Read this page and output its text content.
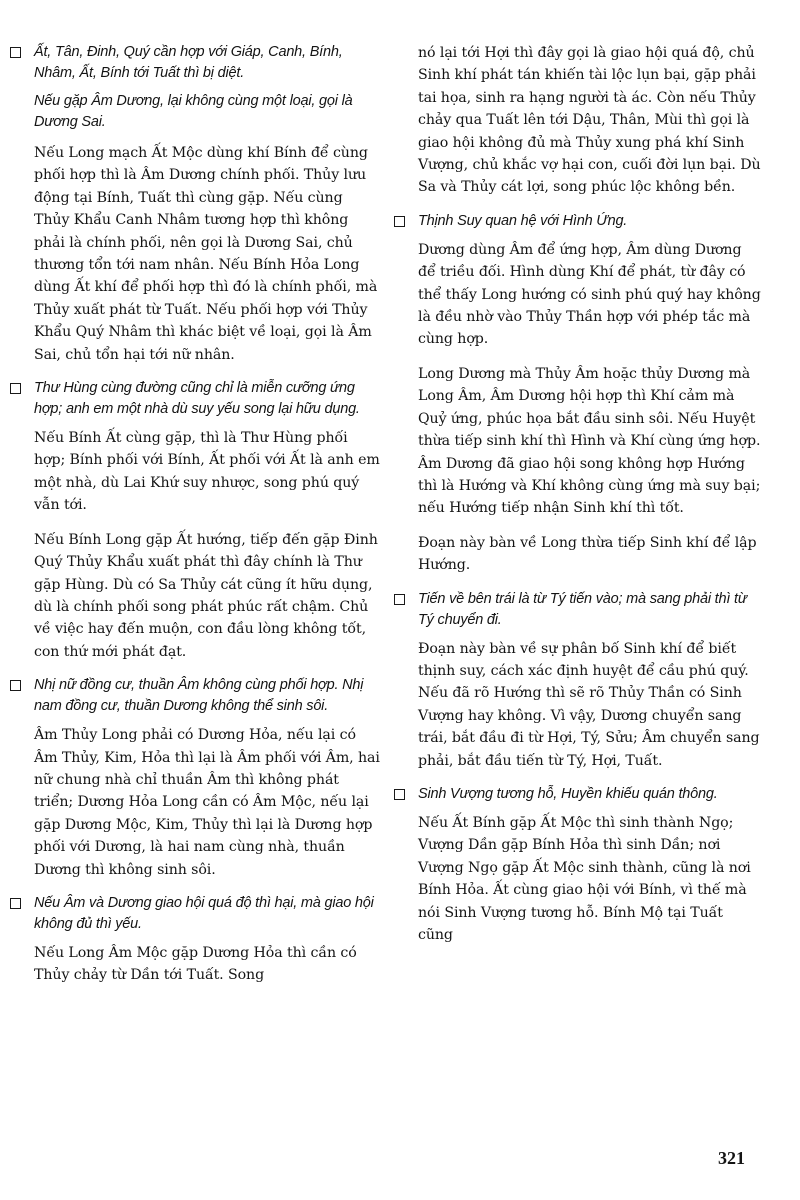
Ất, Tân, Đinh, Quý cần hợp với Giáp, Canh, Bính, Nhâm, Ất, Bính tới Tuất thì bị diệt.

Nếu gặp Âm Dương, lại không cùng một loại, gọi là Dương Sai.

Nếu Long mạch Ất Mộc dùng khí Bính để cùng phối hợp thì là Âm Dương chính phối. Thủy lưu động tại Bính, Tuất thì cùng gặp. Nếu cùng Thủy Khẩu Canh Nhâm tương hợp thì không phải là chính phối, nên gọi là Dương Sai, chủ thương tổn tới nam nhân. Nếu Bính Hỏa Long dùng Ất khí để phối hợp thì đó là chính phối, mà Thủy xuất phát từ Tuất. Nếu phối hợp với Thủy Khẩu Quý Nhâm thì khác biệt về loại, gọi là Âm Sai, chủ tổn hại tới nữ nhân.

Thư Hùng cùng đường cũng chỉ là miễn cưỡng ứng hợp; anh em một nhà dù suy yếu song lại hữu dụng.

Nếu Bính Ất cùng gặp, thì là Thư Hùng phối hợp; Bính phối với Bính, Ất phối với Ất là anh em một nhà, dù Lai Khứ suy nhược, song phú quý vẫn tới.

Nếu Bính Long gặp Ất hướng, tiếp đến gặp Đinh Quý Thủy Khẩu xuất phát thì đây chính là Thư gặp Hùng. Dù có Sa Thủy cát cũng ít hữu dụng, dù là chính phối song phát phúc rất chậm. Chủ về việc hay đến muộn, con đầu lòng không tốt, con thứ mới phát đạt.

Nhị nữ đồng cư, thuần Âm không cùng phối hợp. Nhị nam đồng cư, thuần Dương không thể sinh sôi.

Âm Thủy Long phải có Dương Hỏa, nếu lại có Âm Thủy, Kim, Hỏa thì lại là Âm phối với Âm, hai nữ chung nhà chỉ thuần Âm thì không phát triển; Dương Hỏa Long cần có Âm Mộc, nếu lại gặp Dương Mộc, Kim, Thủy thì lại là Dương hợp phối với Dương, là hai nam cùng nhà, thuần Dương thì không sinh sôi.

Nếu Âm và Dương giao hội quá độ thì hại, mà giao hội không đủ thì yếu.

Nếu Long Âm Mộc gặp Dương Hỏa thì cần có Thủy chảy từ Dần tới Tuất. Song

nó lại tới Hợi thì đây gọi là giao hội quá độ, chủ Sinh khí phát tán khiến tài lộc lụn bại, gặp phải tai họa, sinh ra hạng người tà ác. Còn nếu Thủy chảy qua Tuất lên tới Dậu, Thân, Mùi thì gọi là giao hội không đủ mà Thủy xung phá khí Sinh Vượng, chủ khắc vợ hại con, cuối đời lụn bại. Dù Sa và Thủy cát lợi, song phúc lộc không bền.

Thịnh Suy quan hệ với Hình Ứng.

Dương dùng Âm để ứng hợp, Âm dùng Dương để triều đối. Hình dùng Khí để phát, từ đây có thể thấy Long hướng có sinh phú quý hay không là đều nhờ vào Thủy Thần hợp với phép tắc mà cùng hợp.

Long Dương mà Thủy Âm hoặc thủy Dương mà Long Âm, Âm Dương hội hợp thì Khí cảm mà Quỷ ứng, phúc họa bắt đầu sinh sôi. Nếu Huyệt thừa tiếp sinh khí thì Hình và Khí cùng ứng hợp. Âm Dương đã giao hội song không hợp Hướng thì là Hướng và Khí không cùng ứng mà suy bại; nếu Hướng tiếp nhận Sinh khí thì tốt.

Đoạn này bàn về Long thừa tiếp Sinh khí để lập Hướng.

Tiến về bên trái là từ Tý tiến vào; mà sang phải thì từ Tý chuyển đi.

Đoạn này bàn về sự phân bố Sinh khí để biết thịnh suy, cách xác định huyệt để cầu phú quý. Nếu đã rõ Hướng thì sẽ rõ Thủy Thần có Sinh Vượng hay không. Vì vậy, Dương chuyển sang trái, bắt đầu đi từ Hợi, Tý, Sửu; Âm chuyển sang phải, bắt đầu tiến từ Tý, Hợi, Tuất.

Sinh Vượng tương hỗ, Huyền khiếu quán thông.

Nếu Ất Bính gặp Ất Mộc thì sinh thành Ngọ; Vượng Dần gặp Bính Hỏa thì sinh Dần; nơi Vượng Ngọ gặp Ất Mộc sinh thành, cũng là nơi Bính Hỏa. Ất cùng giao hội với Bính, vì thế mà nói Sinh Vượng tương hỗ. Bính Mộ tại Tuất cũng

321
